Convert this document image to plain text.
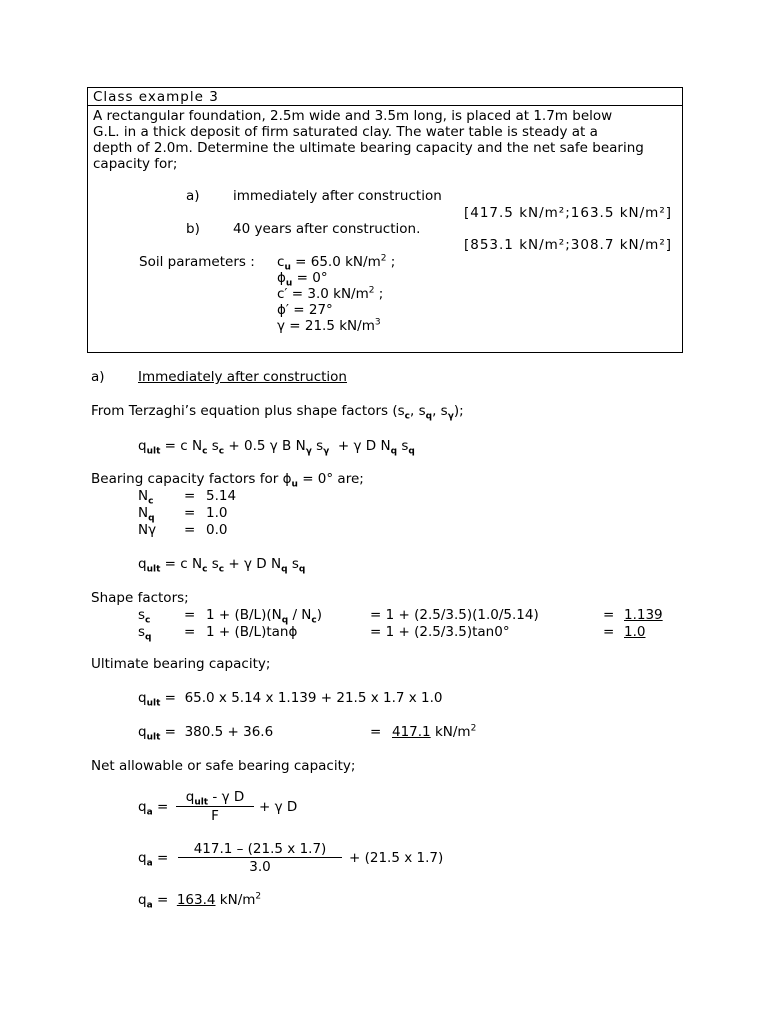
Class example 3
A rectangular foundation, 2.5m wide and 3.5m long, is placed at 1.7m below
G.L. in a thick deposit of firm saturated clay. The water table is steady at a
depth of 2.0m. Determine the ultimate bearing capacity and the net safe bearing
capacity for;
a) immediately after construction
[417.5 kN/m²;163.5 kN/m²]
b) 40 years after construction.
[853.1 kN/m²;308.7 kN/m²]
Soil parameters : $c_u = 65.0$ $kN/m^2$ ;
$\phi_u = 0^\circ$
c′ = 3.0 $kN/m^2$ ;
ϕ′ = 27°
γ = 21.5 $kN/m^3$
a) Immediately after construction
From Terzaghi’s equation plus shape factors ($s_c$, $s_q$, $s_\gamma$);
$q_{ult} = c$ $N_c$ $s_c + 0.5$ γ B $N_\gamma$ $s_\gamma + \gamma$ D $N_q$ $s_q$
Bearing capacity factors for $\phi_u = 0^\circ$ are;
$N_c = 5.14$
$N_q = 1.0$
Nγ = 0.0
$q_{ult} = c$ $N_c$ $s_c + \gamma$ D $N_q$ $s_q$
Shape factors;
$s_c = 1 + (B/L)(N_q / N_c)$	= 1 + (2.5/3.5)(1.0/5.14)	= 1.139
$s_q = 1 + (B/L)\tan\phi$	= 1 + (2.5/3.5)tan0°	= 1.0
Ultimate bearing capacity;
$q_{ult} = 65.0$ x 5.14 x 1.139 + 21.5 x 1.7 x 1.0
$q_{ult} = 380.5 + 36.6$	= 417.1 $kN/m^2$
Net allowable or safe bearing capacity;
$q_a$ =
$q_{ult}$ - γ D
F
+ γ D
$q_a$ =
417.1 – (21.5 x 1.7)
3.0
+ (21.5 x 1.7)
$q_a = 163.4$ $kN/m^2$
